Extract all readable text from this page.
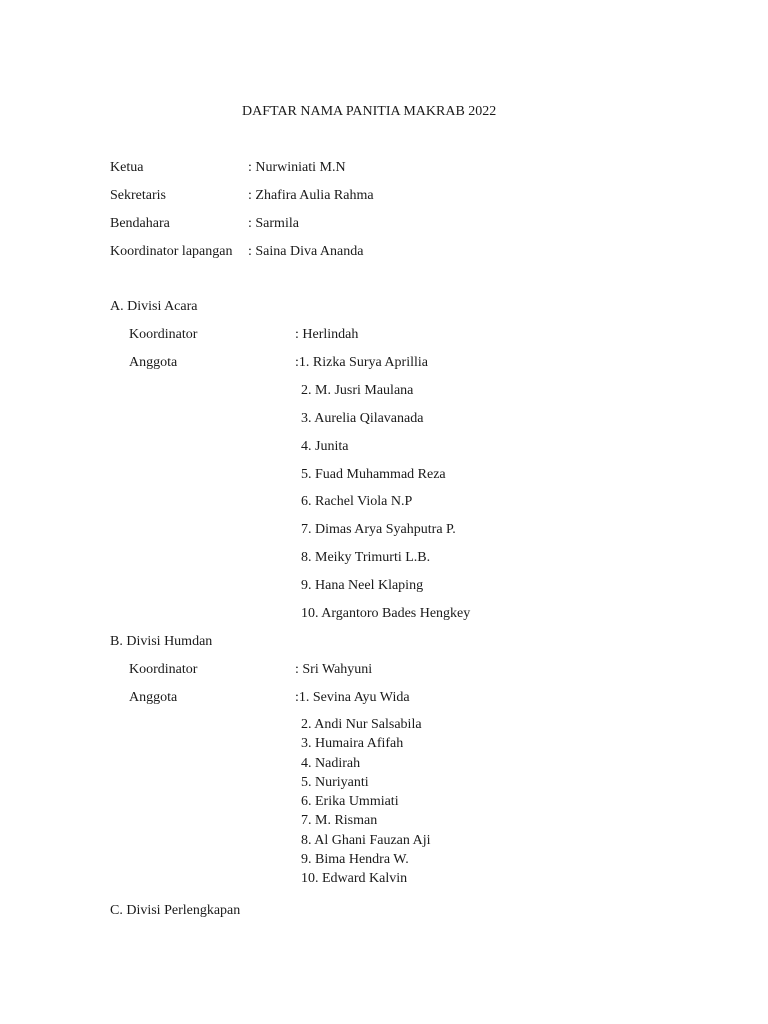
DAFTAR NAMA PANITIA MAKRAB 2022
Ketua	: Nurwiniati M.N
Sekretaris	: Zhafira Aulia Rahma
Bendahara	: Sarmila
Koordinator lapangan : Saina Diva Ananda
A. Divisi Acara
Koordinator	: Herlindah
Anggota	:1. Rizka Surya Aprillia
2. M. Jusri Maulana
3. Aurelia Qilavanada
4. Junita
5. Fuad Muhammad Reza
6. Rachel Viola N.P
7. Dimas Arya Syahputra P.
8. Meiky Trimurti L.B.
9. Hana Neel Klaping
10. Argantoro Bades Hengkey
B. Divisi Humdan
Koordinator	: Sri Wahyuni
Anggota	:1. Sevina Ayu Wida
2. Andi Nur Salsabila
3. Humaira Afifah
4. Nadirah
5. Nuriyanti
6. Erika Ummiati
7. M. Risman
8. Al Ghani Fauzan Aji
9. Bima Hendra W.
10. Edward Kalvin
C. Divisi Perlengkapan
